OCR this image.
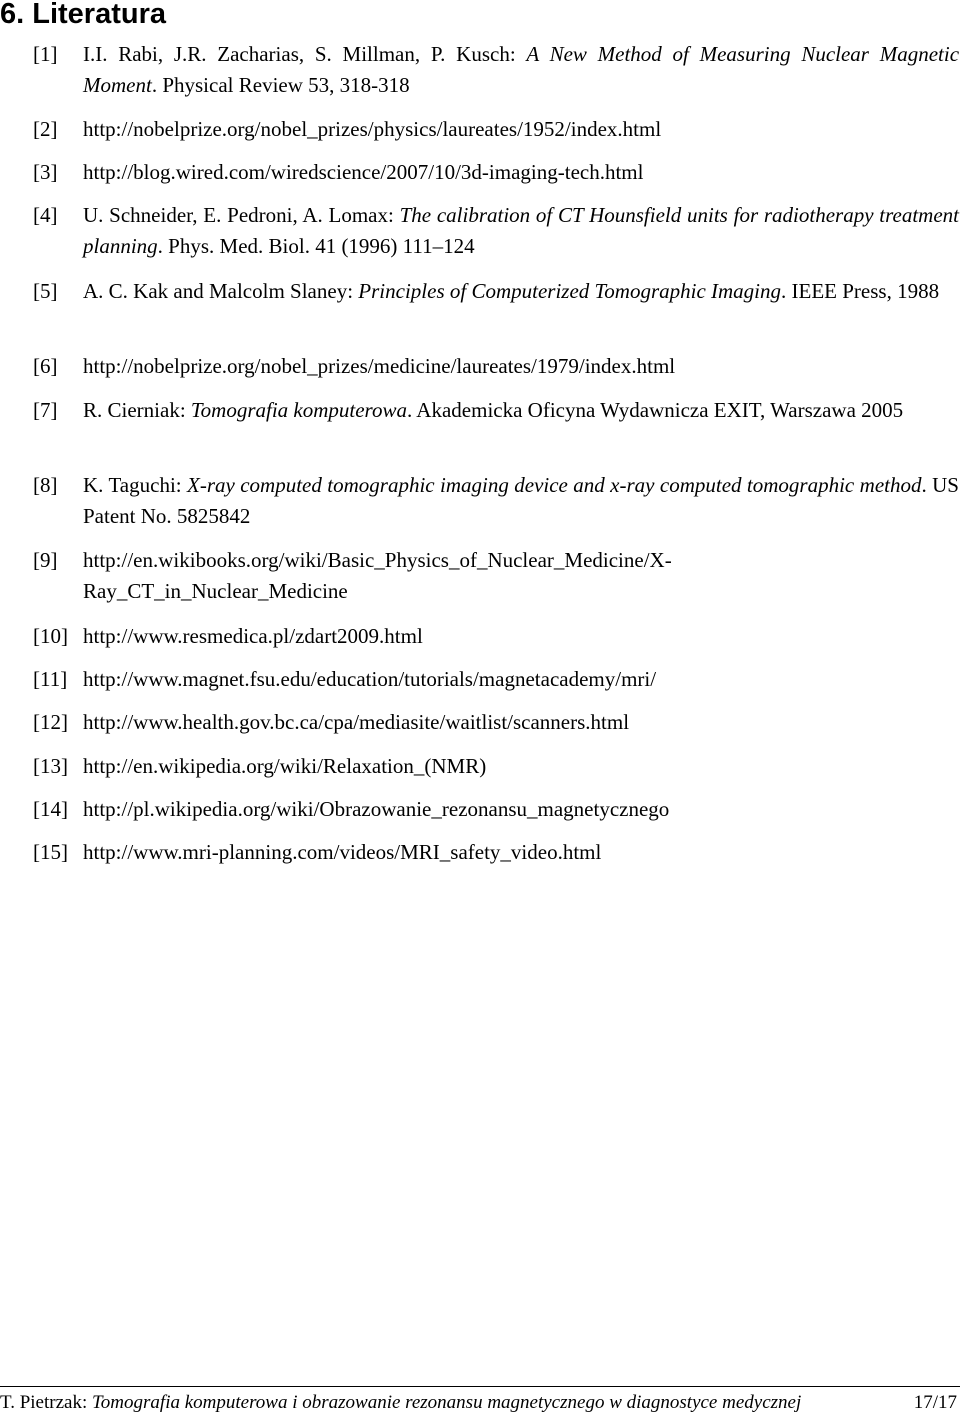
6. Literatura
[1] I.I. Rabi, J.R. Zacharias, S. Millman, P. Kusch: A New Method of Measuring Nuclear Magnetic Moment. Physical Review 53, 318-318
[2] http://nobelprize.org/nobel_prizes/physics/laureates/1952/index.html
[3] http://blog.wired.com/wiredscience/2007/10/3d-imaging-tech.html
[4] U. Schneider, E. Pedroni, A. Lomax: The calibration of CT Hounsfield units for radiotherapy treatment planning. Phys. Med. Biol. 41 (1996) 111–124
[5] A. C. Kak and Malcolm Slaney: Principles of Computerized Tomographic Imaging. IEEE Press, 1988
[6] http://nobelprize.org/nobel_prizes/medicine/laureates/1979/index.html
[7] R. Cierniak: Tomografia komputerowa. Akademicka Oficyna Wydawnicza EXIT, Warszawa 2005
[8] K. Taguchi: X-ray computed tomographic imaging device and x-ray computed tomographic method. US Patent No. 5825842
[9] http://en.wikibooks.org/wiki/Basic_Physics_of_Nuclear_Medicine/X-
Ray_CT_in_Nuclear_Medicine
[10] http://www.resmedica.pl/zdart2009.html
[11] http://www.magnet.fsu.edu/education/tutorials/magnetacademy/mri/
[12] http://www.health.gov.bc.ca/cpa/mediasite/waitlist/scanners.html
[13] http://en.wikipedia.org/wiki/Relaxation_(NMR)
[14] http://pl.wikipedia.org/wiki/Obrazowanie_rezonansu_magnetycznego
[15] http://www.mri-planning.com/videos/MRI_safety_video.html
T. Pietrzak: Tomografia komputerowa i obrazowanie rezonansu magnetycznego w diagnostyce medycznej	17/17
